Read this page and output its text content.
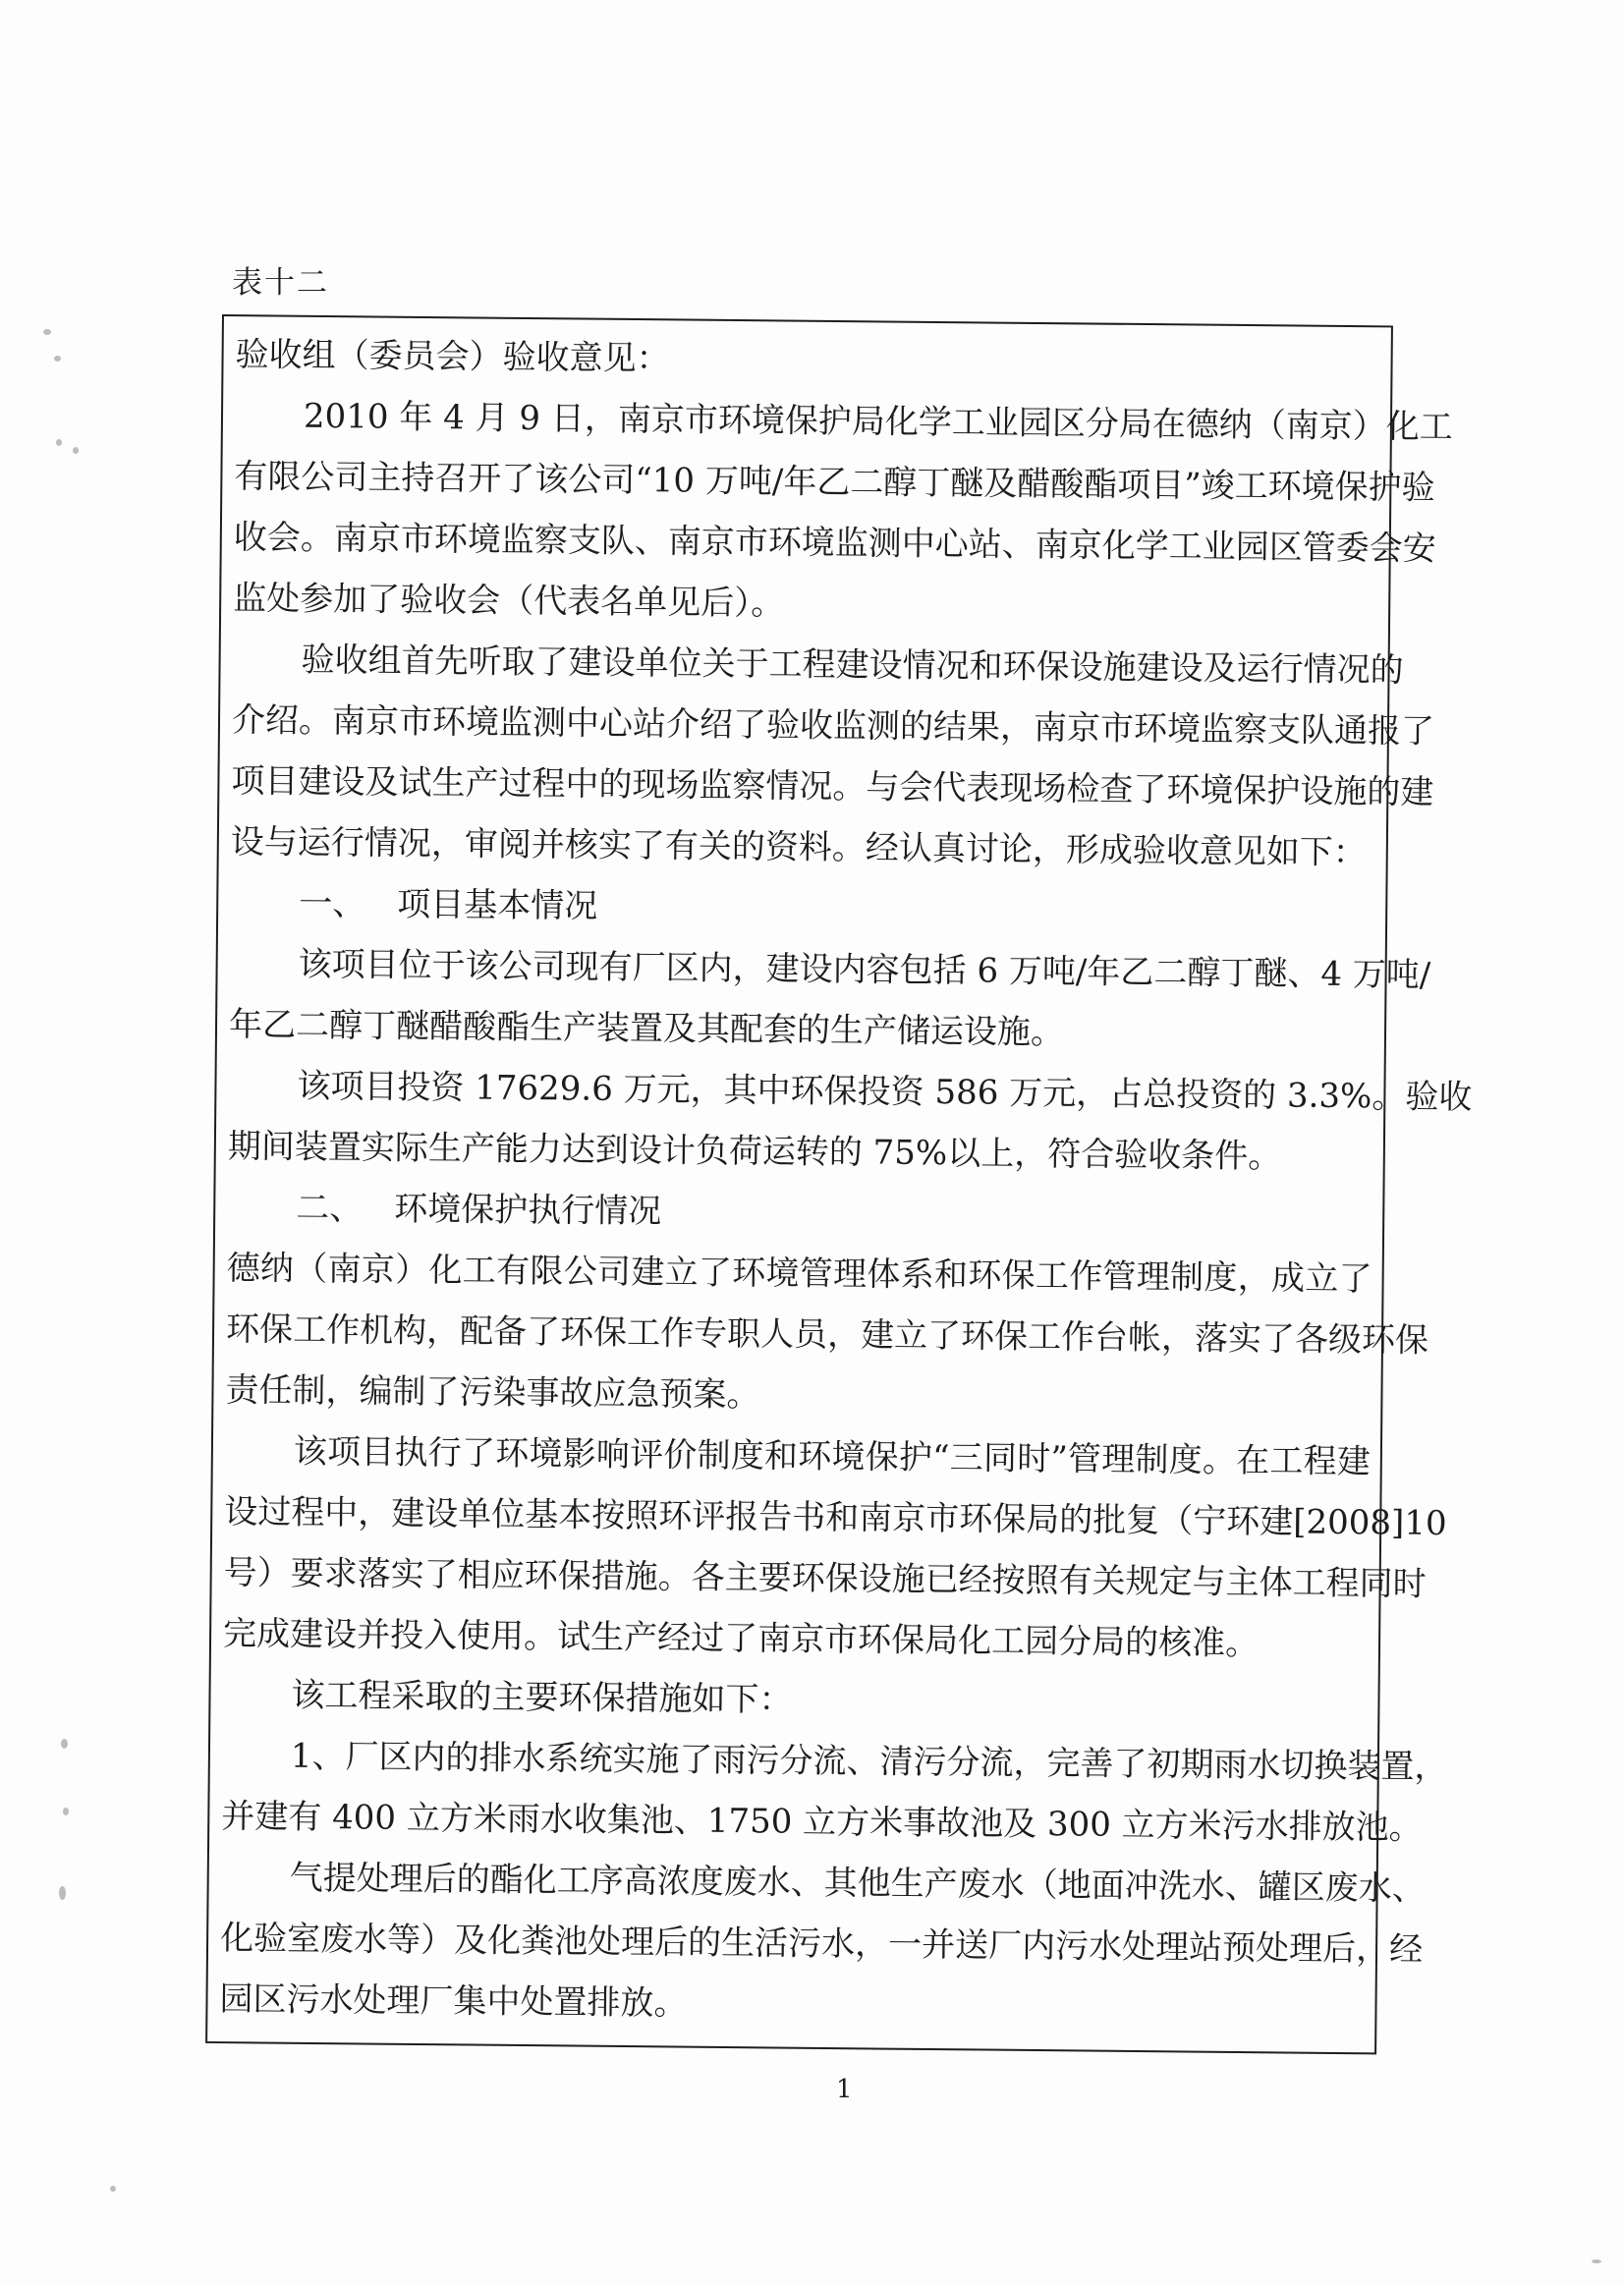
表十二
验收组（委员会）验收意见：
2010 年 4 月 9 日，南京市环境保护局化学工业园区分局在德纳（南京）化工
有限公司主持召开了该公司“10 万吨/年乙二醇丁醚及醋酸酯项目”竣工环境保护验
收会。南京市环境监察支队、南京市环境监测中心站、南京化学工业园区管委会安
监处参加了验收会（代表名单见后）。
验收组首先听取了建设单位关于工程建设情况和环保设施建设及运行情况的
介绍。南京市环境监测中心站介绍了验收监测的结果，南京市环境监察支队通报了
项目建设及试生产过程中的现场监察情况。与会代表现场检查了环境保护设施的建
设与运行情况，审阅并核实了有关的资料。经认真讨论，形成验收意见如下：
一、 项目基本情况
该项目位于该公司现有厂区内，建设内容包括 6 万吨/年乙二醇丁醚、4 万吨/
年乙二醇丁醚醋酸酯生产装置及其配套的生产储运设施。
该项目投资 17629.6 万元，其中环保投资 586 万元，占总投资的 3.3%。验收
期间装置实际生产能力达到设计负荷运转的 75%以上，符合验收条件。
二、 环境保护执行情况
德纳（南京）化工有限公司建立了环境管理体系和环保工作管理制度，成立了
环保工作机构，配备了环保工作专职人员，建立了环保工作台帐，落实了各级环保
责任制，编制了污染事故应急预案。
该项目执行了环境影响评价制度和环境保护“三同时”管理制度。在工程建
设过程中，建设单位基本按照环评报告书和南京市环保局的批复（宁环建[2008]10
号）要求落实了相应环保措施。各主要环保设施已经按照有关规定与主体工程同时
完成建设并投入使用。试生产经过了南京市环保局化工园分局的核准。
该工程采取的主要环保措施如下：
1、厂区内的排水系统实施了雨污分流、清污分流，完善了初期雨水切换装置，
并建有 400 立方米雨水收集池、1750 立方米事故池及 300 立方米污水排放池。
气提处理后的酯化工序高浓度废水、其他生产废水（地面冲洗水、罐区废水、
化验室废水等）及化粪池处理后的生活污水，一并送厂内污水处理站预处理后，经
园区污水处理厂集中处置排放。
1
